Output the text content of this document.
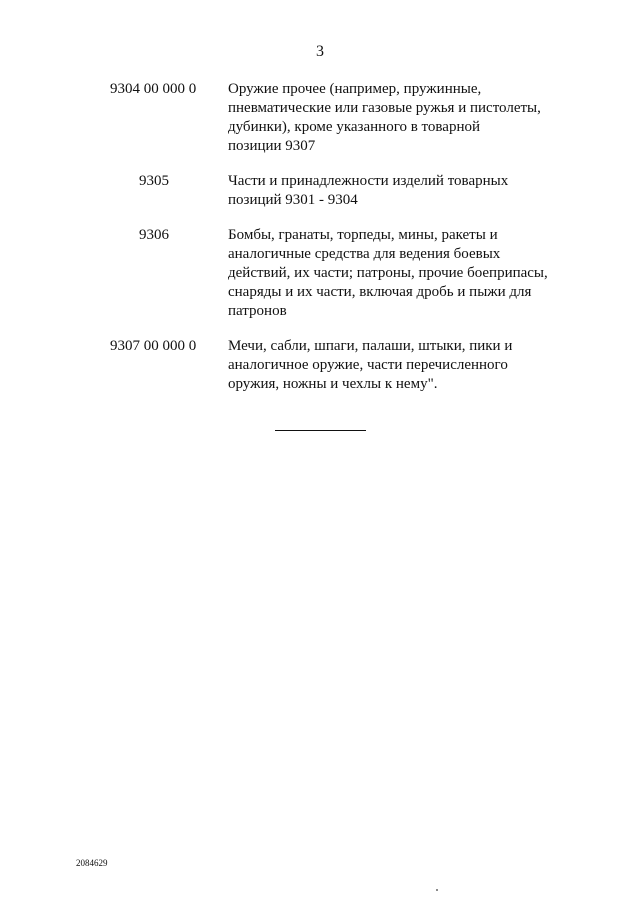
3
9304 00 000 0 Оружие прочее (например, пружинные,
пневматические или газовые ружья и пистолеты,
дубинки), кроме указанного в товарной
позиции 9307
9305	Части и принадлежности изделий товарных
позиций 9301 - 9304
9306	Бомбы, гранаты, торпеды, мины, ракеты и
аналогичные средства для ведения боевых
действий, их части; патроны, прочие боеприпасы,
снаряды и их части, включая дробь и пыжи для
патронов
9307 00 000 0 Мечи, сабли, шпаги, палаши, штыки, пики и
аналогичное оружие, части перечисленного
оружия, ножны и чехлы к нему".
2084629
